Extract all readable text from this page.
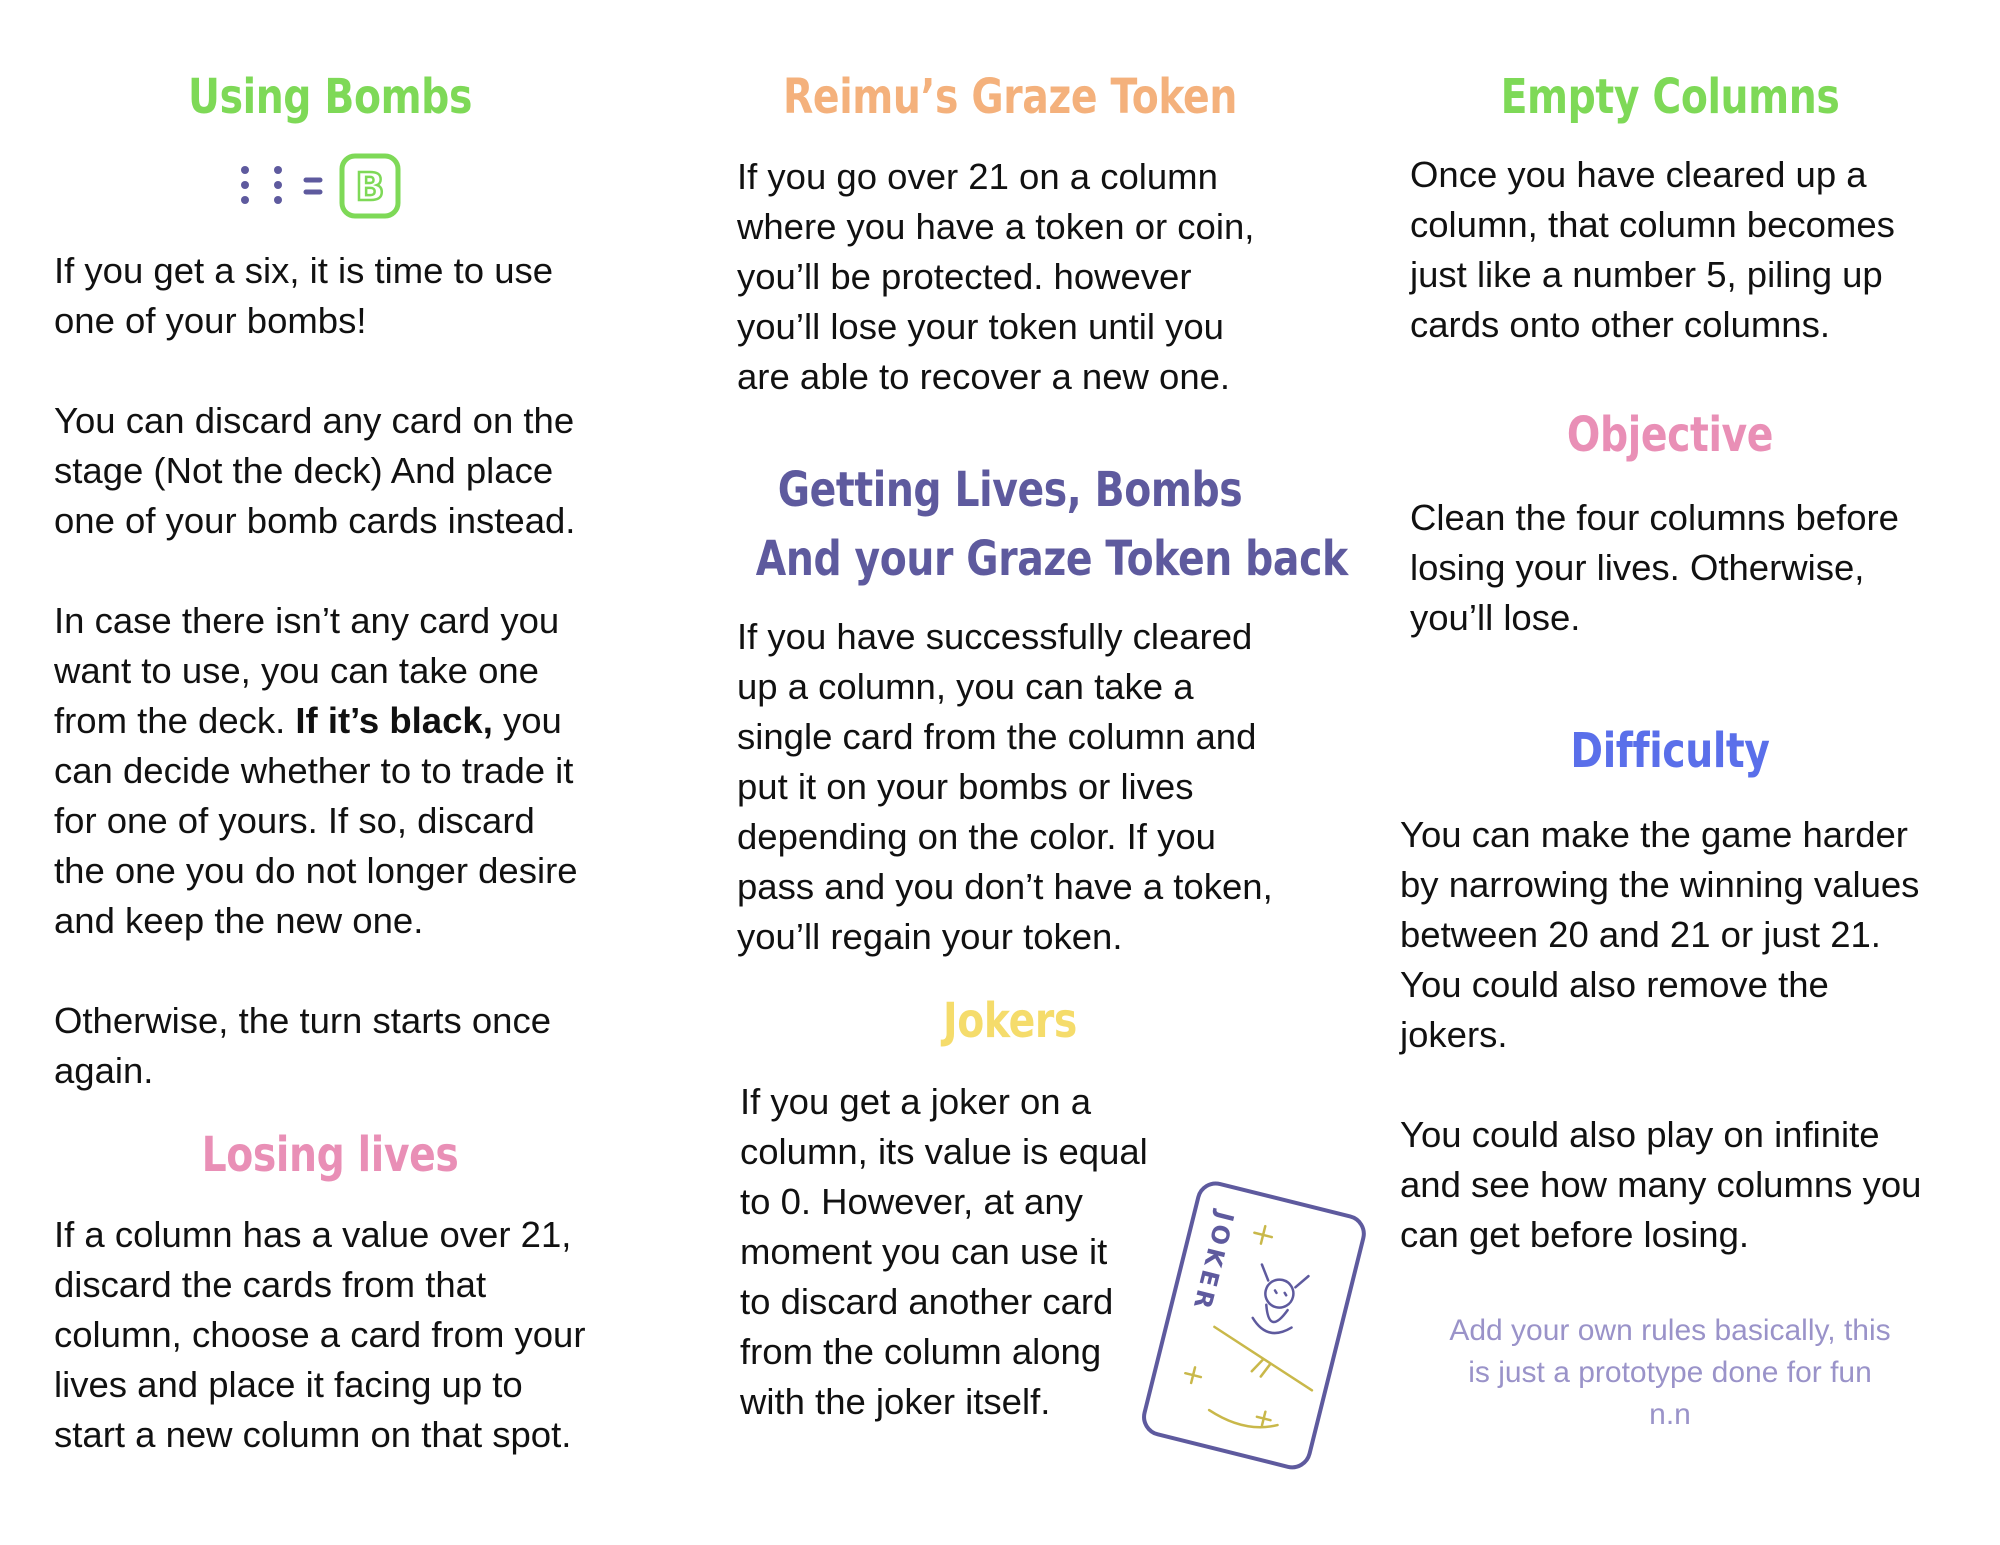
Using Bombs
B

If you get a six, it is time to use
one of your bombs!

You can discard any card on the
stage (Not the deck) And place
one of your bomb cards instead.

In case there isn’t any card you
want to use, you can take one
from the deck. If it’s black, you
can decide whether to to trade it
for one of yours. If so, discard
the one you do not longer desire
and keep the new one.

Otherwise, the turn starts once
again.

Losing lives

If a column has a value over 21,
discard the cards from that
column, choose a card from your
lives and place it facing up to
start a new column on that spot.

Reimu’s Graze Token

If you go over 21 on a column
where you have a token or coin,
you’ll be protected. however
you’ll lose your token until you
are able to recover a new one.

Getting Lives, Bombs
And your Graze Token back

If you have successfully cleared
up a column, you can take a
single card from the column and
put it on your bombs or lives
depending on the color. If you
pass and you don’t have a token,
you’ll regain your token.

Jokers

If you get a joker on a
column, its value is equal
to 0. However, at any
moment you can use it
to discard another card
from the column along
with the joker itself.

JOKER
Empty Columns

Once you have cleared up a
column, that column becomes
just like a number 5, piling up
cards onto other columns.

Objective

Clean the four columns before
losing your lives. Otherwise,
you’ll lose.

Difficulty

You can make the game harder
by narrowing the winning values
between 20 and 21 or just 21.
You could also remove the
jokers.

You could also play on infinite
and see how many columns you
can get before losing.

Add your own rules basically, this
is just a prototype done for fun
n.n
